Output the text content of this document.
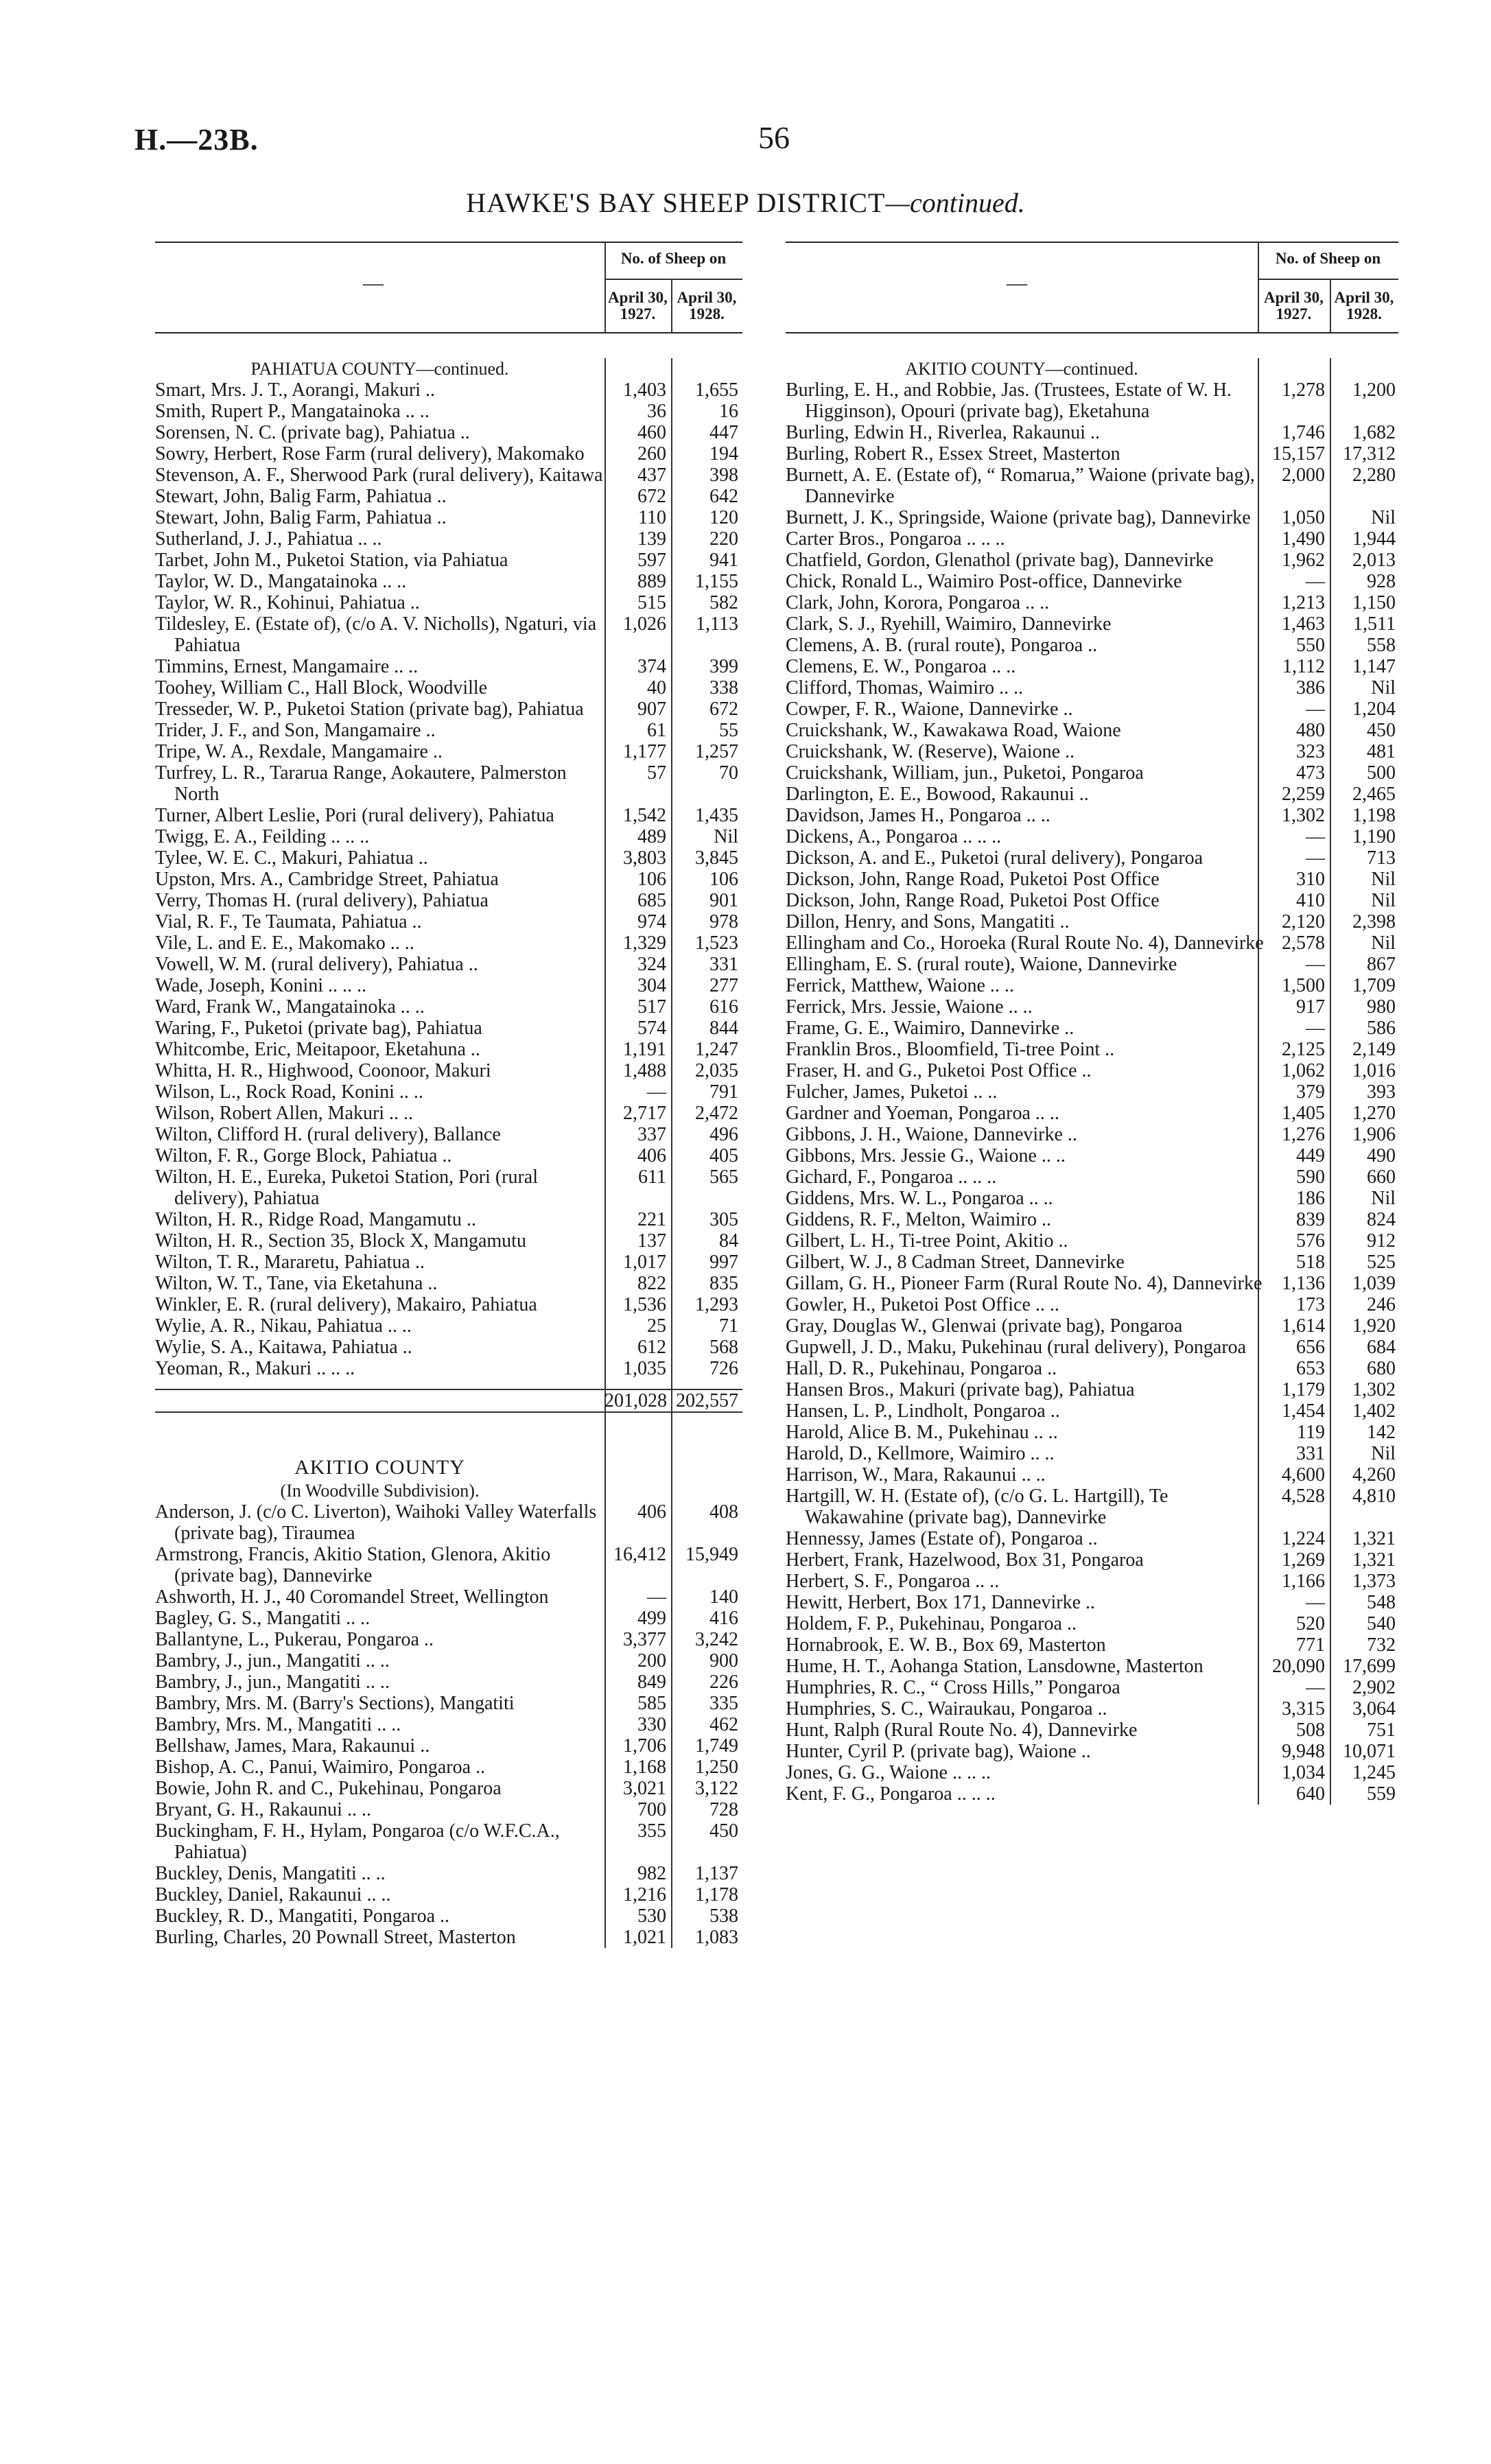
H.—23B.	56
HAWKE'S BAY SHEEP DISTRICT—continued.
—
No. of Sheep on
April 30,
1927.
April 30,
1928.
PAHIATUA COUNTY—continued.
Smart, Mrs. J. T., Aorangi, Makuri ..	1,403	1,655
Smith, Rupert P., Mangatainoka .. ..	36	16
Sorensen, N. C. (private bag), Pahiatua ..	460	447
Sowry, Herbert, Rose Farm (rural delivery), Makomako	260	194
Stevenson, A. F., Sherwood Park (rural delivery), Kaitawa	437	398
Stewart, John, Balig Farm, Pahiatua ..	672	642
Stewart, John, Balig Farm, Pahiatua ..	110	120
Sutherland, J. J., Pahiatua .. ..	139	220
Tarbet, John M., Puketoi Station, via Pahiatua	597	941
Taylor, W. D., Mangatainoka .. ..	889	1,155
Taylor, W. R., Kohinui, Pahiatua ..	515	582
Tildesley, E. (Estate of), (c/o A. V. Nicholls), Ngaturi, via Pahiatua
1,026	1,113
Timmins, Ernest, Mangamaire .. ..	374	399
Toohey, William C., Hall Block, Woodville	40	338
Tresseder, W. P., Puketoi Station (private bag), Pahiatua	907	672
Trider, J. F., and Son, Mangamaire ..	61	55
Tripe, W. A., Rexdale, Mangamaire ..	1,177	1,257
Turfrey, L. R., Tararua Range, Aokautere, Palmerston North
57	70
Turner, Albert Leslie, Pori (rural delivery), Pahiatua	1,542	1,435
Twigg, E. A., Feilding .. .. ..	489	Nil
Tylee, W. E. C., Makuri, Pahiatua ..	3,803	3,845
Upston, Mrs. A., Cambridge Street, Pahiatua	106	106
Verry, Thomas H. (rural delivery), Pahiatua	685	901
Vial, R. F., Te Taumata, Pahiatua ..	974	978
Vile, L. and E. E., Makomako .. ..	1,329	1,523
Vowell, W. M. (rural delivery), Pahiatua ..	324	331
Wade, Joseph, Konini .. .. ..	304	277
Ward, Frank W., Mangatainoka .. ..	517	616
Waring, F., Puketoi (private bag), Pahiatua	574	844
Whitcombe, Eric, Meitapoor, Eketahuna ..	1,191	1,247
Whitta, H. R., Highwood, Coonoor, Makuri	1,488	2,035
Wilson, L., Rock Road, Konini .. ..	—	791
Wilson, Robert Allen, Makuri .. ..	2,717	2,472
Wilton, Clifford H. (rural delivery), Ballance	337	496
Wilton, F. R., Gorge Block, Pahiatua ..	406	405
Wilton, H. E., Eureka, Puketoi Station, Pori (rural delivery), Pahiatua
611	565
Wilton, H. R., Ridge Road, Mangamutu ..	221	305
Wilton, H. R., Section 35, Block X, Mangamutu	137	84
Wilton, T. R., Mararetu, Pahiatua ..	1,017	997
Wilton, W. T., Tane, via Eketahuna ..	822	835
Winkler, E. R. (rural delivery), Makairo, Pahiatua	1,536	1,293
Wylie, A. R., Nikau, Pahiatua .. ..	25	71
Wylie, S. A., Kaitawa, Pahiatua ..	612	568
Yeoman, R., Makuri .. .. ..	1,035	726

201,028 202,557
AKITIO COUNTY
(In Woodville Subdivision).
Anderson, J. (c/o C. Liverton), Waihoki Valley Waterfalls (private bag), Tiraumea
406	408
Armstrong, Francis, Akitio Station, Glenora, Akitio (private bag), Dannevirke
16,412	15,949
Ashworth, H. J., 40 Coromandel Street, Wellington	—	140
Bagley, G. S., Mangatiti .. ..	499	416
Ballantyne, L., Pukerau, Pongaroa ..	3,377	3,242
Bambry, J., jun., Mangatiti .. ..	200	900
Bambry, J., jun., Mangatiti .. ..	849	226
Bambry, Mrs. M. (Barry's Sections), Mangatiti	585	335
Bambry, Mrs. M., Mangatiti .. ..	330	462
Bellshaw, James, Mara, Rakaunui ..	1,706	1,749
Bishop, A. C., Panui, Waimiro, Pongaroa ..	1,168	1,250
Bowie, John R. and C., Pukehinau, Pongaroa	3,021	3,122
Bryant, G. H., Rakaunui .. ..	700	728
Buckingham, F. H., Hylam, Pongaroa (c/o W.F.C.A., Pahiatua)
355	450
Buckley, Denis, Mangatiti .. ..	982	1,137
Buckley, Daniel, Rakaunui .. ..	1,216	1,178
Buckley, R. D., Mangatiti, Pongaroa ..	530	538
Burling, Charles, 20 Pownall Street, Masterton	1,021	1,083
—
No. of Sheep on
April 30,
1927.
April 30,
1928.
AKITIO COUNTY—continued.
Burling, E. H., and Robbie, Jas. (Trustees, Estate of W. H. Higginson), Opouri (private bag), Eketahuna
1,278	1,200
Burling, Edwin H., Riverlea, Rakaunui ..	1,746	1,682
Burling, Robert R., Essex Street, Masterton	15,157 17,312
Burnett, A. E. (Estate of), “ Romarua,” Waione (private bag), Dannevirke
2,000	2,280
Burnett, J. K., Springside, Waione (private bag), Dannevirke	1,050	Nil
Carter Bros., Pongaroa .. .. ..	1,490	1,944
Chatfield, Gordon, Glenathol (private bag), Dannevirke	1,962	2,013
Chick, Ronald L., Waimiro Post-office, Dannevirke	—	928
Clark, John, Korora, Pongaroa .. ..	1,213	1,150
Clark, S. J., Ryehill, Waimiro, Dannevirke	1,463	1,511
Clemens, A. B. (rural route), Pongaroa ..	550	558
Clemens, E. W., Pongaroa .. ..	1,112	1,147
Clifford, Thomas, Waimiro .. ..	386	Nil
Cowper, F. R., Waione, Dannevirke ..	—	1,204
Cruickshank, W., Kawakawa Road, Waione	480	450
Cruickshank, W. (Reserve), Waione ..	323	481
Cruickshank, William, jun., Puketoi, Pongaroa	473	500
Darlington, E. E., Bowood, Rakaunui ..	2,259	2,465
Davidson, James H., Pongaroa .. ..	1,302	1,198
Dickens, A., Pongaroa .. .. ..	—	1,190
Dickson, A. and E., Puketoi (rural delivery), Pongaroa	—	713
Dickson, John, Range Road, Puketoi Post Office	310	Nil
Dickson, John, Range Road, Puketoi Post Office	410	Nil
Dillon, Henry, and Sons, Mangatiti ..	2,120	2,398
Ellingham and Co., Horoeka (Rural Route No. 4), Dannevirke 2,578	Nil
Ellingham, E. S. (rural route), Waione, Dannevirke	—	867
Ferrick, Matthew, Waione .. ..	1,500	1,709
Ferrick, Mrs. Jessie, Waione .. ..	917	980
Frame, G. E., Waimiro, Dannevirke ..	—	586
Franklin Bros., Bloomfield, Ti-tree Point ..	2,125	2,149
Fraser, H. and G., Puketoi Post Office ..	1,062	1,016
Fulcher, James, Puketoi .. ..	379	393
Gardner and Yoeman, Pongaroa .. ..	1,405	1,270
Gibbons, J. H., Waione, Dannevirke ..	1,276	1,906
Gibbons, Mrs. Jessie G., Waione .. ..	449	490
Gichard, F., Pongaroa .. .. ..	590	660
Giddens, Mrs. W. L., Pongaroa .. ..	186	Nil
Giddens, R. F., Melton, Waimiro ..	839	824
Gilbert, L. H., Ti-tree Point, Akitio ..	576	912
Gilbert, W. J., 8 Cadman Street, Dannevirke	518	525
Gillam, G. H., Pioneer Farm (Rural Route No. 4), Dannevirke	1,136	1,039
Gowler, H., Puketoi Post Office .. ..	173	246
Gray, Douglas W., Glenwai (private bag), Pongaroa	1,614	1,920
Gupwell, J. D., Maku, Pukehinau (rural delivery), Pongaroa	656	684
Hall, D. R., Pukehinau, Pongaroa ..	653	680
Hansen Bros., Makuri (private bag), Pahiatua	1,179	1,302
Hansen, L. P., Lindholt, Pongaroa ..	1,454	1,402
Harold, Alice B. M., Pukehinau .. ..	119	142
Harold, D., Kellmore, Waimiro .. ..	331	Nil
Harrison, W., Mara, Rakaunui .. ..	4,600	4,260
Hartgill, W. H. (Estate of), (c/o G. L. Hartgill), Te Wakawahine (private bag), Dannevirke
4,528	4,810
Hennessy, James (Estate of), Pongaroa ..	1,224	1,321
Herbert, Frank, Hazelwood, Box 31, Pongaroa	1,269	1,321
Herbert, S. F., Pongaroa .. ..	1,166	1,373
Hewitt, Herbert, Box 171, Dannevirke ..	—	548
Holdem, F. P., Pukehinau, Pongaroa ..	520	540
Hornabrook, E. W. B., Box 69, Masterton	771	732
Hume, H. T., Aohanga Station, Lansdowne, Masterton	20,090 17,699
Humphries, R. C., “ Cross Hills,” Pongaroa	—	2,902
Humphries, S. C., Wairaukau, Pongaroa ..	3,315	3,064
Hunt, Ralph (Rural Route No. 4), Dannevirke	508	751
Hunter, Cyril P. (private bag), Waione ..	9,948 10,071
Jones, G. G., Waione .. .. ..	1,034	1,245
Kent, F. G., Pongaroa .. .. ..	640	559
